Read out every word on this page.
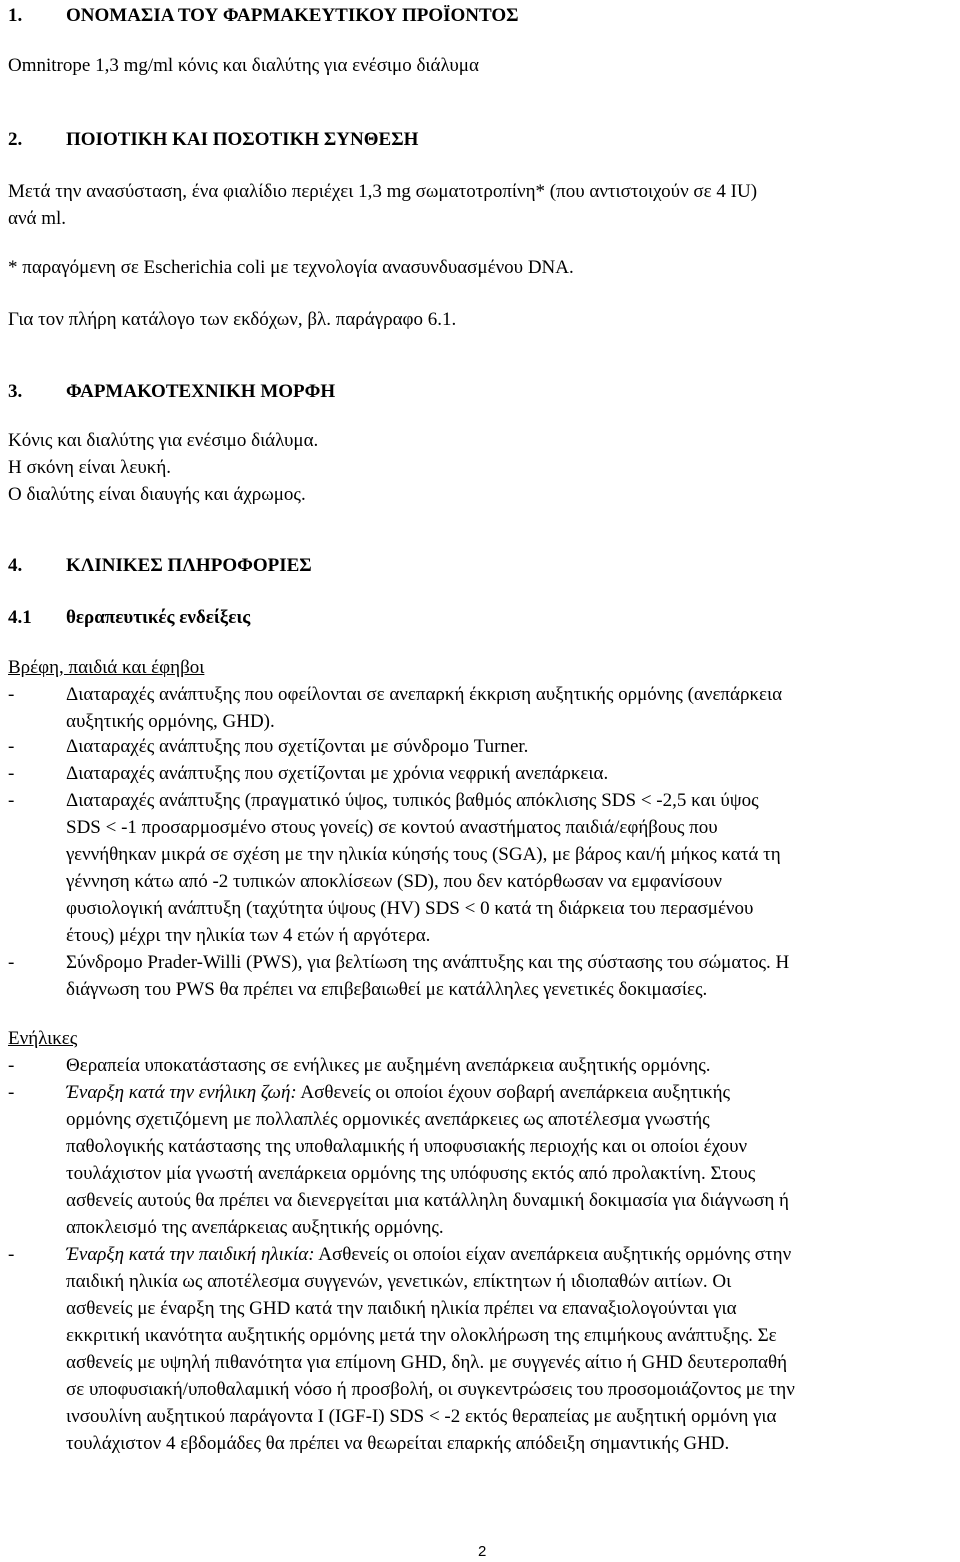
1. ΟΝΟΜΑΣΙΑ ΤΟΥ ΦΑΡΜΑΚΕΥΤΙΚΟΥ ΠΡΟΪΟΝΤΟΣ
Omnitrope 1,3 mg/ml κόνις και διαλύτης για ενέσιμο διάλυμα
2. ΠΟΙΟΤΙΚΗ ΚΑΙ ΠΟΣΟΤΙΚΗ ΣΥΝΘΕΣΗ
Μετά την ανασύσταση, ένα φιαλίδιο περιέχει 1,3 mg σωματοτροπίνη* (που αντιστοιχούν σε 4 IU)
ανά ml.
* παραγόμενη σε Escherichia coli με τεχνολογία ανασυνδυασμένου DNA.
Για τον πλήρη κατάλογο των εκδόχων, βλ. παράγραφο 6.1.
3. ΦΑΡΜΑΚΟΤΕΧΝΙΚΗ ΜΟΡΦΗ
Κόνις και διαλύτης για ενέσιμο διάλυμα.
Η σκόνη είναι λευκή.
Ο διαλύτης είναι διαυγής και άχρωμος.
4. ΚΛΙΝΙΚΕΣ ΠΛΗΡΟΦΟΡΙΕΣ
4.1 θεραπευτικές ενδείξεις
Βρέφη, παιδιά και έφηβοι
-	Διαταραχές ανάπτυξης που οφείλονται σε ανεπαρκή έκκριση αυξητικής ορμόνης (ανεπάρκεια
αυξητικής ορμόνης, GHD).
-	Διαταραχές ανάπτυξης που σχετίζονται με σύνδρομο Turner.
-	Διαταραχές ανάπτυξης που σχετίζονται με χρόνια νεφρική ανεπάρκεια.
-	Διαταραχές ανάπτυξης (πραγματικό ύψος, τυπικός βαθμός απόκλισης SDS < -2,5 και ύψος
SDS < -1 προσαρμοσμένο στους γονείς) σε κοντού αναστήματος παιδιά/εφήβους που
γεννήθηκαν μικρά σε σχέση με την ηλικία κύησής τους (SGA), με βάρος και/ή μήκος κατά τη
γέννηση κάτω από -2 τυπικών αποκλίσεων (SD), που δεν κατόρθωσαν να εμφανίσουν
φυσιολογική ανάπτυξη (ταχύτητα ύψους (HV) SDS < 0 κατά τη διάρκεια του περασμένου
έτους) μέχρι την ηλικία των 4 ετών ή αργότερα.
-	Σύνδρομο Prader-Willi (PWS), για βελτίωση της ανάπτυξης και της σύστασης του σώματος. Η
διάγνωση του PWS θα πρέπει να επιβεβαιωθεί με κατάλληλες γενετικές δοκιμασίες.
Ενήλικες
-	Θεραπεία υποκατάστασης σε ενήλικες με αυξημένη ανεπάρκεια αυξητικής ορμόνης.
-	Έναρξη κατά την ενήλικη ζωή: Ασθενείς οι οποίοι έχουν σοβαρή ανεπάρκεια αυξητικής
ορμόνης σχετιζόμενη με πολλαπλές ορμονικές ανεπάρκειες ως αποτέλεσμα γνωστής
παθολογικής κατάστασης της υποθαλαμικής ή υποφυσιακής περιοχής και οι οποίοι έχουν
τουλάχιστον μία γνωστή ανεπάρκεια ορμόνης της υπόφυσης εκτός από προλακτίνη. Στους
ασθενείς αυτούς θα πρέπει να διενεργείται μια κατάλληλη δυναμική δοκιμασία για διάγνωση ή
αποκλεισμό της ανεπάρκειας αυξητικής ορμόνης.
-	Έναρξη κατά την παιδική ηλικία: Ασθενείς οι οποίοι είχαν ανεπάρκεια αυξητικής ορμόνης στην
παιδική ηλικία ως αποτέλεσμα συγγενών, γενετικών, επίκτητων ή ιδιοπαθών αιτίων. Οι
ασθενείς με έναρξη της GHD κατά την παιδική ηλικία πρέπει να επαναξιολογούνται για
εκκριτική ικανότητα αυξητικής ορμόνης μετά την ολοκλήρωση της επιμήκους ανάπτυξης. Σε
ασθενείς με υψηλή πιθανότητα για επίμονη GHD, δηλ. με συγγενές αίτιο ή GHD δευτεροπαθή
σε υποφυσιακή/υποθαλαμική νόσο ή προσβολή, οι συγκεντρώσεις του προσομοιάζοντος με την
ινσουλίνη αυξητικού παράγοντα I (IGF-I) SDS < -2 εκτός θεραπείας με αυξητική ορμόνη για
τουλάχιστον 4 εβδομάδες θα πρέπει να θεωρείται επαρκής απόδειξη σημαντικής GHD.
2
